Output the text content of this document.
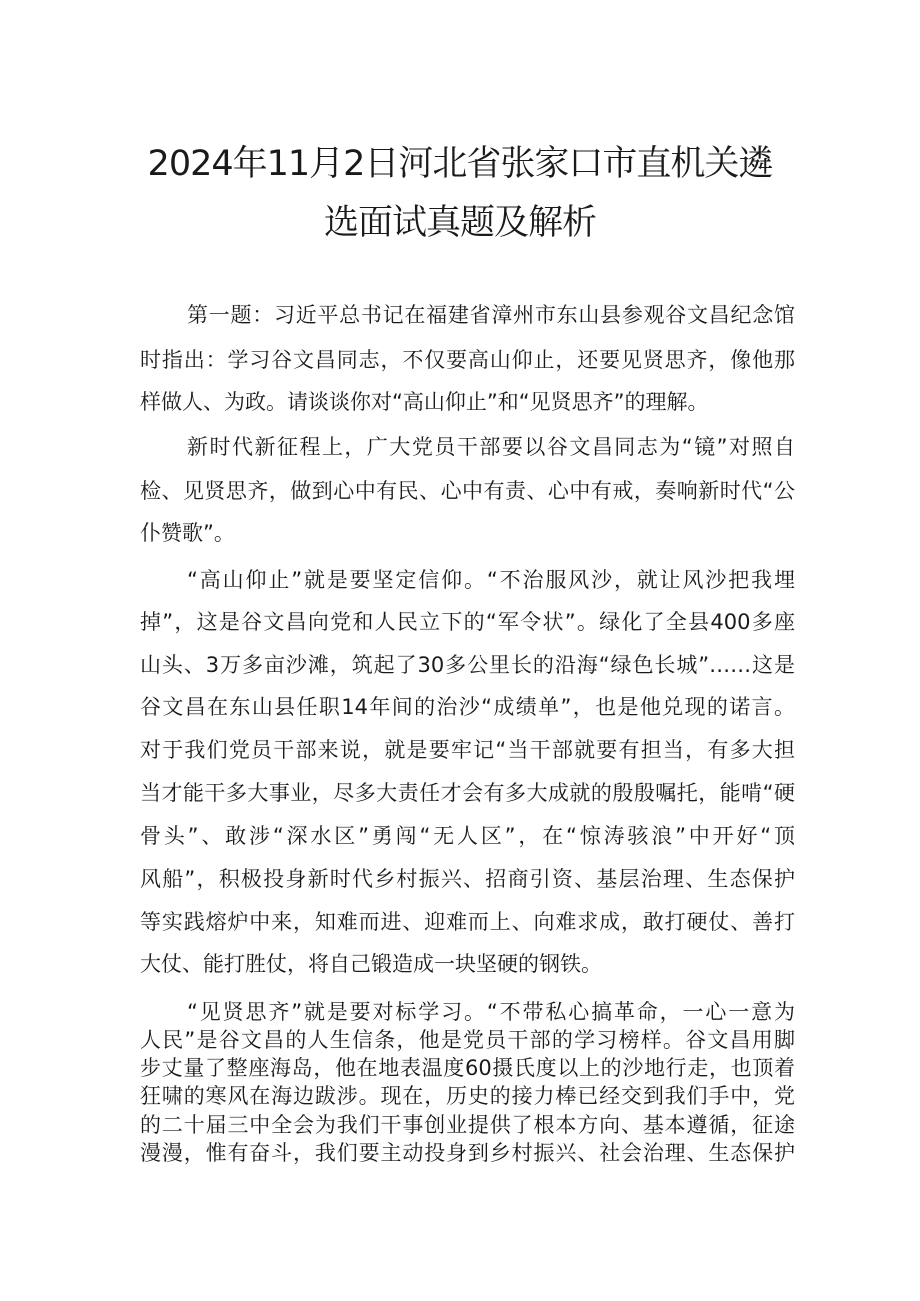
2024年11月2日河北省张家口市直机关遴
选面试真题及解析
第一题：习近平总书记在福建省漳州市东山县参观谷文昌纪念馆
时指出：学习谷文昌同志，不仅要高山仰止，还要见贤思齐，像他那
样做人、为政。请谈谈你对“高山仰止”和“见贤思齐”的理解。
新时代新征程上，广大党员干部要以谷文昌同志为“镜”对照自
检、见贤思齐，做到心中有民、心中有责、心中有戒，奏响新时代“公
仆赞歌”。
“高山仰止”就是要坚定信仰。“不治服风沙，就让风沙把我埋
掉”，这是谷文昌向党和人民立下的“军令状”。绿化了全县400多座
山头、3万多亩沙滩，筑起了30多公里长的沿海“绿色长城”……这是
谷文昌在东山县任职14年间的治沙“成绩单”，也是他兑现的诺言。
对于我们党员干部来说，就是要牢记“当干部就要有担当，有多大担
当才能干多大事业，尽多大责任才会有多大成就的殷殷嘱托，能啃“硬
骨头”、敢涉“深水区”勇闯“无人区”，在“惊涛骇浪”中开好“顶
风船”，积极投身新时代乡村振兴、招商引资、基层治理、生态保护
等实践熔炉中来，知难而进、迎难而上、向难求成，敢打硬仗、善打
大仗、能打胜仗，将自己锻造成一块坚硬的钢铁。
“见贤思齐”就是要对标学习。“不带私心搞革命，一心一意为
人民”是谷文昌的人生信条，他是党员干部的学习榜样。谷文昌用脚
步丈量了整座海岛，他在地表温度60摄氏度以上的沙地行走，也顶着
狂啸的寒风在海边跋涉。现在，历史的接力棒已经交到我们手中，党
的二十届三中全会为我们干事创业提供了根本方向、基本遵循，征途
漫漫，惟有奋斗，我们要主动投身到乡村振兴、社会治理、生态保护
